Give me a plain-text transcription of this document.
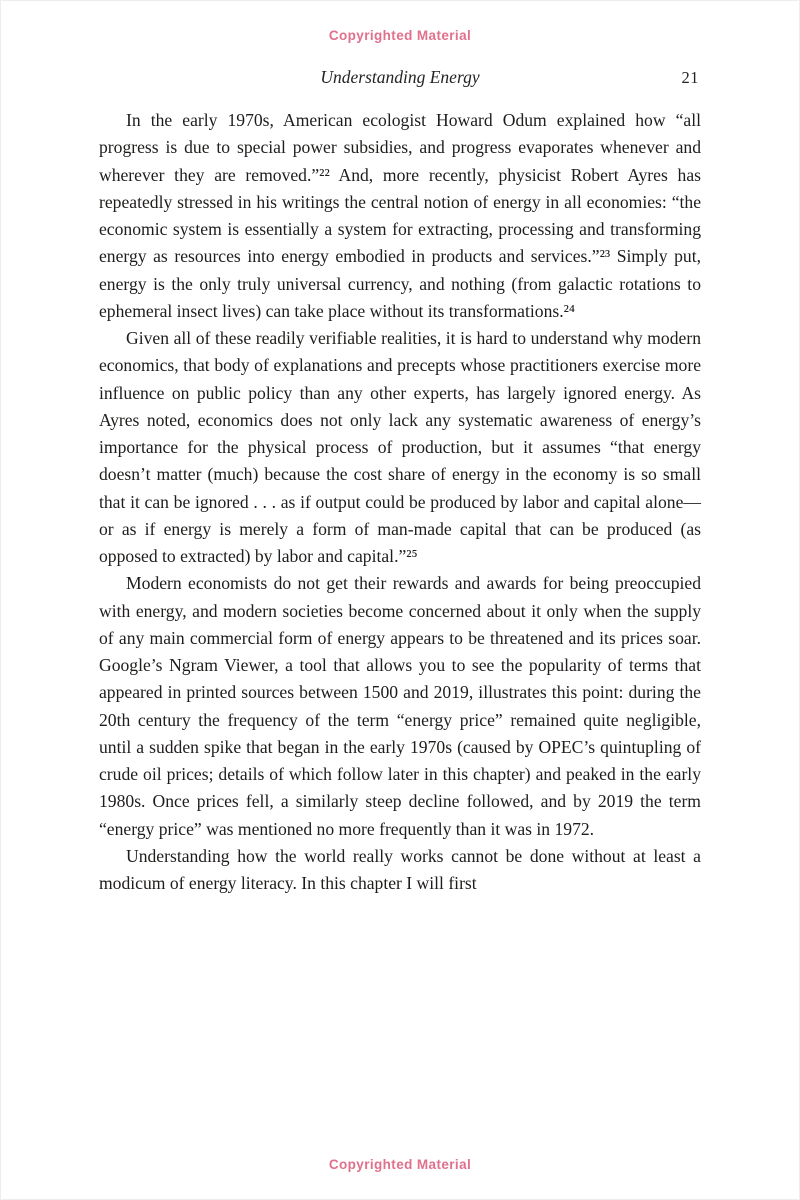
Copyrighted Material
Understanding Energy	21

In the early 1970s, American ecologist Howard Odum explained how “all progress is due to special power subsidies, and progress evaporates whenever and wherever they are removed.”²² And, more recently, physicist Robert Ayres has repeatedly stressed in his writings the central notion of energy in all economies: “the economic system is essentially a system for extracting, processing and transforming energy as resources into energy embodied in products and services.”²³ Simply put, energy is the only truly universal currency, and nothing (from galactic rotations to ephemeral insect lives) can take place without its transformations.²⁴

Given all of these readily verifiable realities, it is hard to understand why modern economics, that body of explanations and precepts whose practitioners exercise more influence on public policy than any other experts, has largely ignored energy. As Ayres noted, economics does not only lack any systematic awareness of energy’s importance for the physical process of production, but it assumes “that energy doesn’t matter (much) because the cost share of energy in the economy is so small that it can be ignored . . . as if output could be produced by labor and capital alone—or as if energy is merely a form of man-made capital that can be produced (as opposed to extracted) by labor and capital.”²⁵

Modern economists do not get their rewards and awards for being preoccupied with energy, and modern societies become concerned about it only when the supply of any main commercial form of energy appears to be threatened and its prices soar. Google’s Ngram Viewer, a tool that allows you to see the popularity of terms that appeared in printed sources between 1500 and 2019, illustrates this point: during the 20th century the frequency of the term “energy price” remained quite negligible, until a sudden spike that began in the early 1970s (caused by OPEC’s quintupling of crude oil prices; details of which follow later in this chapter) and peaked in the early 1980s. Once prices fell, a similarly steep decline followed, and by 2019 the term “energy price” was mentioned no more frequently than it was in 1972.

Understanding how the world really works cannot be done without at least a modicum of energy literacy. In this chapter I will first

Copyrighted Material
